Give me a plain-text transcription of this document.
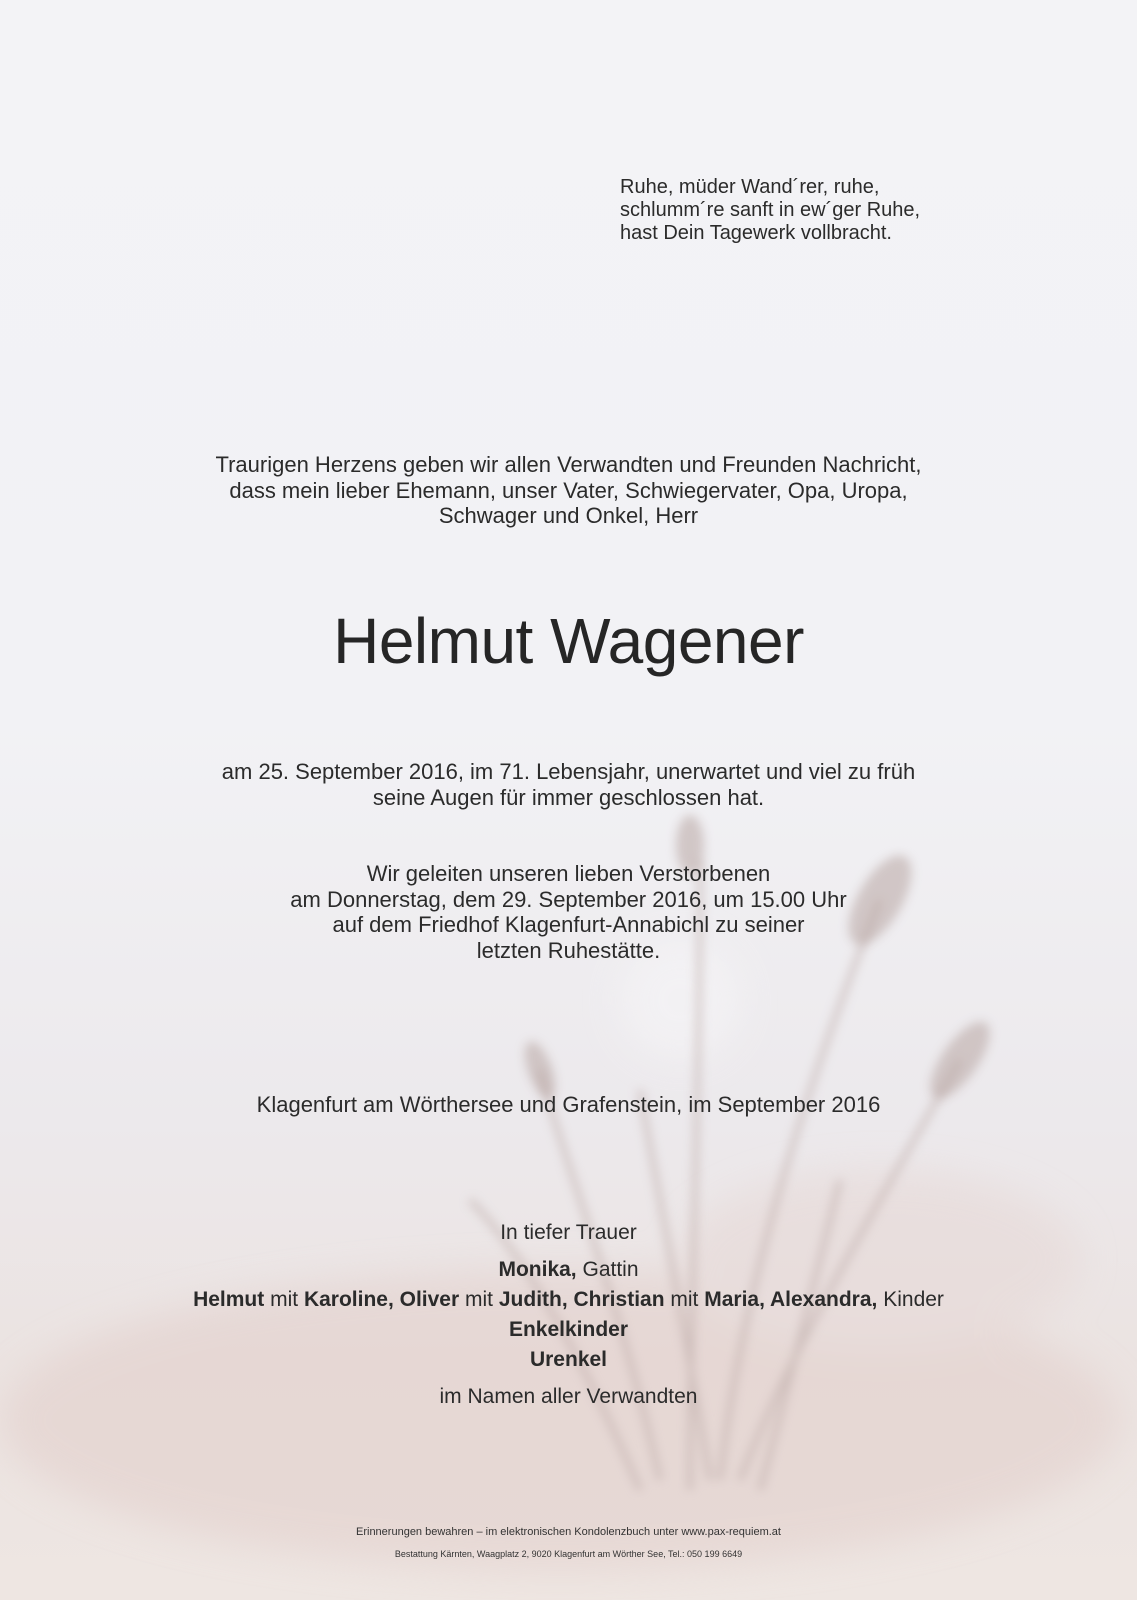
Ruhe, müder Wand´rer, ruhe,
schlumm´re sanft in ew´ger Ruhe,
hast Dein Tagewerk vollbracht.
Traurigen Herzens geben wir allen Verwandten und Freunden Nachricht,
dass mein lieber Ehemann, unser Vater, Schwiegervater, Opa, Uropa,
Schwager und Onkel, Herr
Helmut Wagener
am 25. September 2016, im 71. Lebensjahr, unerwartet und viel zu früh
seine Augen für immer geschlossen hat.
Wir geleiten unseren lieben Verstorbenen
am Donnerstag, dem 29. September 2016, um 15.00 Uhr
auf dem Friedhof Klagenfurt-Annabichl zu seiner
letzten Ruhestätte.
Klagenfurt am Wörthersee und Grafenstein, im September 2016
In tiefer Trauer
Monika, Gattin
Helmut mit Karoline, Oliver mit Judith, Christian mit Maria, Alexandra, Kinder
Enkelkinder
Urenkel
im Namen aller Verwandten
Erinnerungen bewahren – im elektronischen Kondolenzbuch unter www.pax-requiem.at
Bestattung Kärnten, Waagplatz 2, 9020 Klagenfurt am Wörther See, Tel.: 050 199 6649
